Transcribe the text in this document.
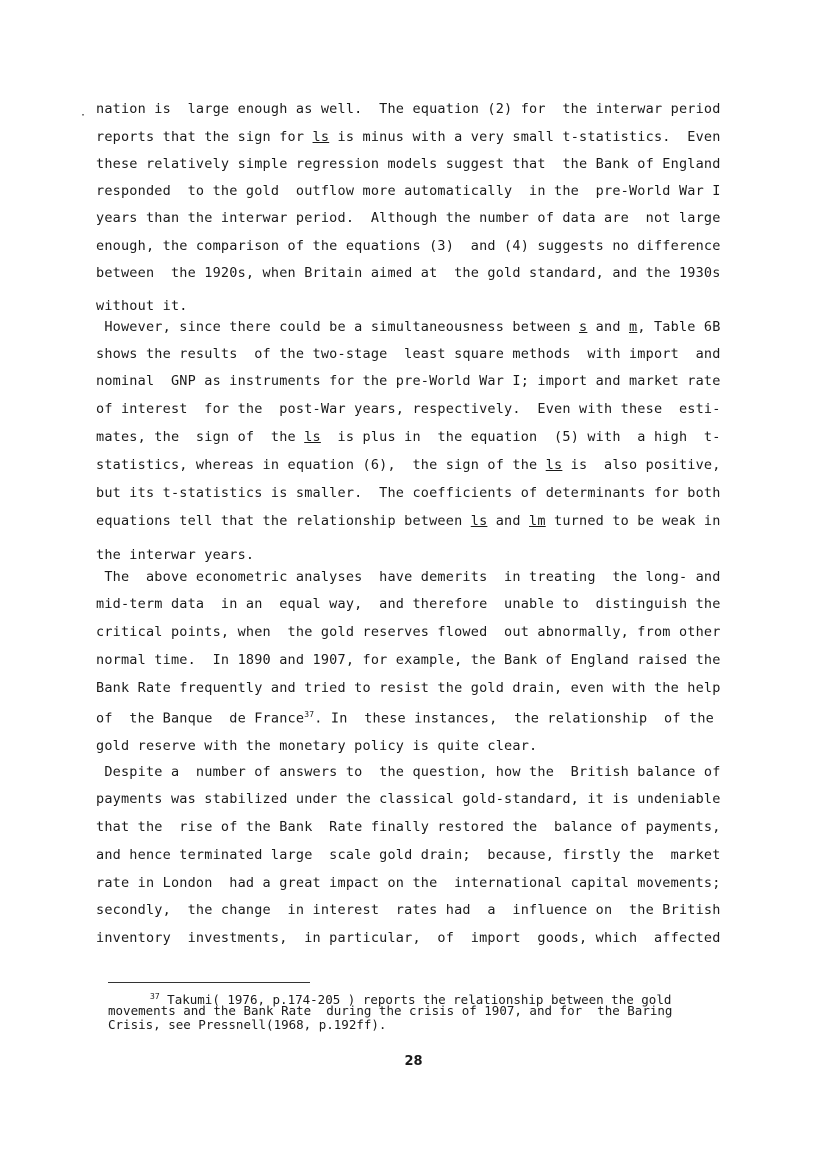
· nation is  large enough as well.  The equation (2) for  the interwar period
reports that the sign for ls is minus with a very small t-statistics.  Even
these relatively simple regression models suggest that  the Bank of England
responded  to the gold  outflow more automatically  in the  pre-World War I
years than the interwar period.  Although the number of data are  not large
enough, the comparison of the equations (3)  and (4) suggests no difference
between  the 1920s, when Britain aimed at  the gold standard, and the 1930s
without it.
However, since there could be a simultaneousness between s and m, Table 6B
shows the results  of the two-stage  least square methods  with import  and
nominal  GNP as instruments for the pre-World War I; import and market rate
of interest  for the  post-War years, respectively.  Even with these  esti-
mates, the  sign of  the ls  is plus in  the equation  (5) with  a high  t-
statistics, whereas in equation (6),  the sign of the ls is  also positive,
but its t-statistics is smaller.  The coefficients of determinants for both
equations tell that the relationship between ls and lm turned to be weak in
the interwar years.
The  above econometric analyses  have demerits  in treating  the long- and
mid-term data  in an  equal way,  and therefore  unable to  distinguish the
critical points, when  the gold reserves flowed  out abnormally, from other
normal time.  In 1890 and 1907, for example, the Bank of England raised the
Bank Rate frequently and tried to resist the gold drain, even with the help
of  the Banque  de France$^{37}$. In  these instances,  the relationship  of the
gold reserve with the monetary policy is quite clear.
Despite a  number of answers to  the question, how the  British balance of
payments was stabilized under the classical gold-standard, it is undeniable
that the  rise of the Bank  Rate finally restored the  balance of payments,
and hence terminated large  scale gold drain;  because, firstly the  market
rate in London  had a great impact on the  international capital movements;
secondly,  the change  in interest  rates had  a  influence on  the British
inventory  investments,  in particular,  of  import  goods, which  affected
$^{37}$ Takumi( 1976, p.174-205 ) reports the relationship between the gold
movements and the Bank Rate  during the crisis of 1907, and for  the Baring
Crisis, see Pressnell(1968, p.192ff).
28
